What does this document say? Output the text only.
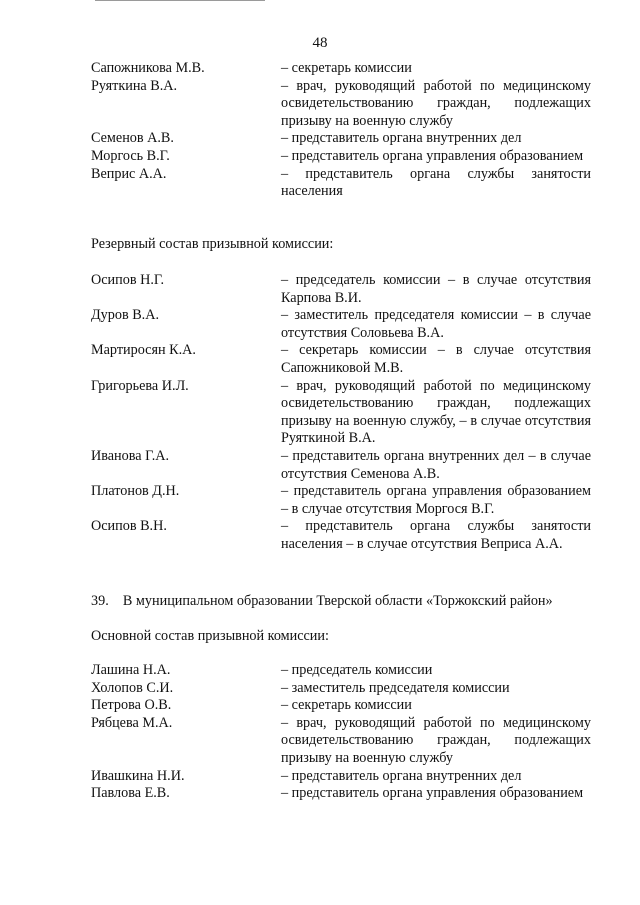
48
Сапожникова М.В.	– секретарь комиссии
Руяткина В.А.	– врач, руководящий работой по медицинскому освидетельствованию граждан, подлежащих призыву на военную службу
Семенов А.В.	– представитель органа внутренних дел
Моргось В.Г.	– представитель органа управления образованием
Веприс А.А.	– представитель органа службы занятости населения
Резервный состав призывной комиссии:
Осипов Н.Г.	– председатель комиссии – в случае отсутствия Карпова В.И.
Дуров В.А.	– заместитель председателя комиссии – в случае отсутствия Соловьева В.А.
Мартиросян К.А.	– секретарь комиссии – в случае отсутствия Сапожниковой М.В.
Григорьева И.Л.	– врач, руководящий работой по медицинскому освидетельствованию граждан, подлежащих призыву на военную службу, – в случае отсутствия Руяткиной В.А.
Иванова Г.А.	– представитель органа внутренних дел – в случае отсутствия Семенова А.В.
Платонов Д.Н.	– представитель органа управления образованием – в случае отсутствия Моргося В.Г.
Осипов В.Н.	– представитель органа службы занятости населения – в случае отсутствия Веприса А.А.
39. В муниципальном образовании Тверской области «Торжокский район»
Основной состав призывной комиссии:
Лашина Н.А.	– председатель комиссии
Холопов С.И.	– заместитель председателя комиссии
Петрова О.В.	– секретарь комиссии
Рябцева М.А.	– врач, руководящий работой по медицинскому освидетельствованию граждан, подлежащих призыву на военную службу
Ивашкина Н.И.	– представитель органа внутренних дел
Павлова Е.В.	– представитель органа управления образованием
